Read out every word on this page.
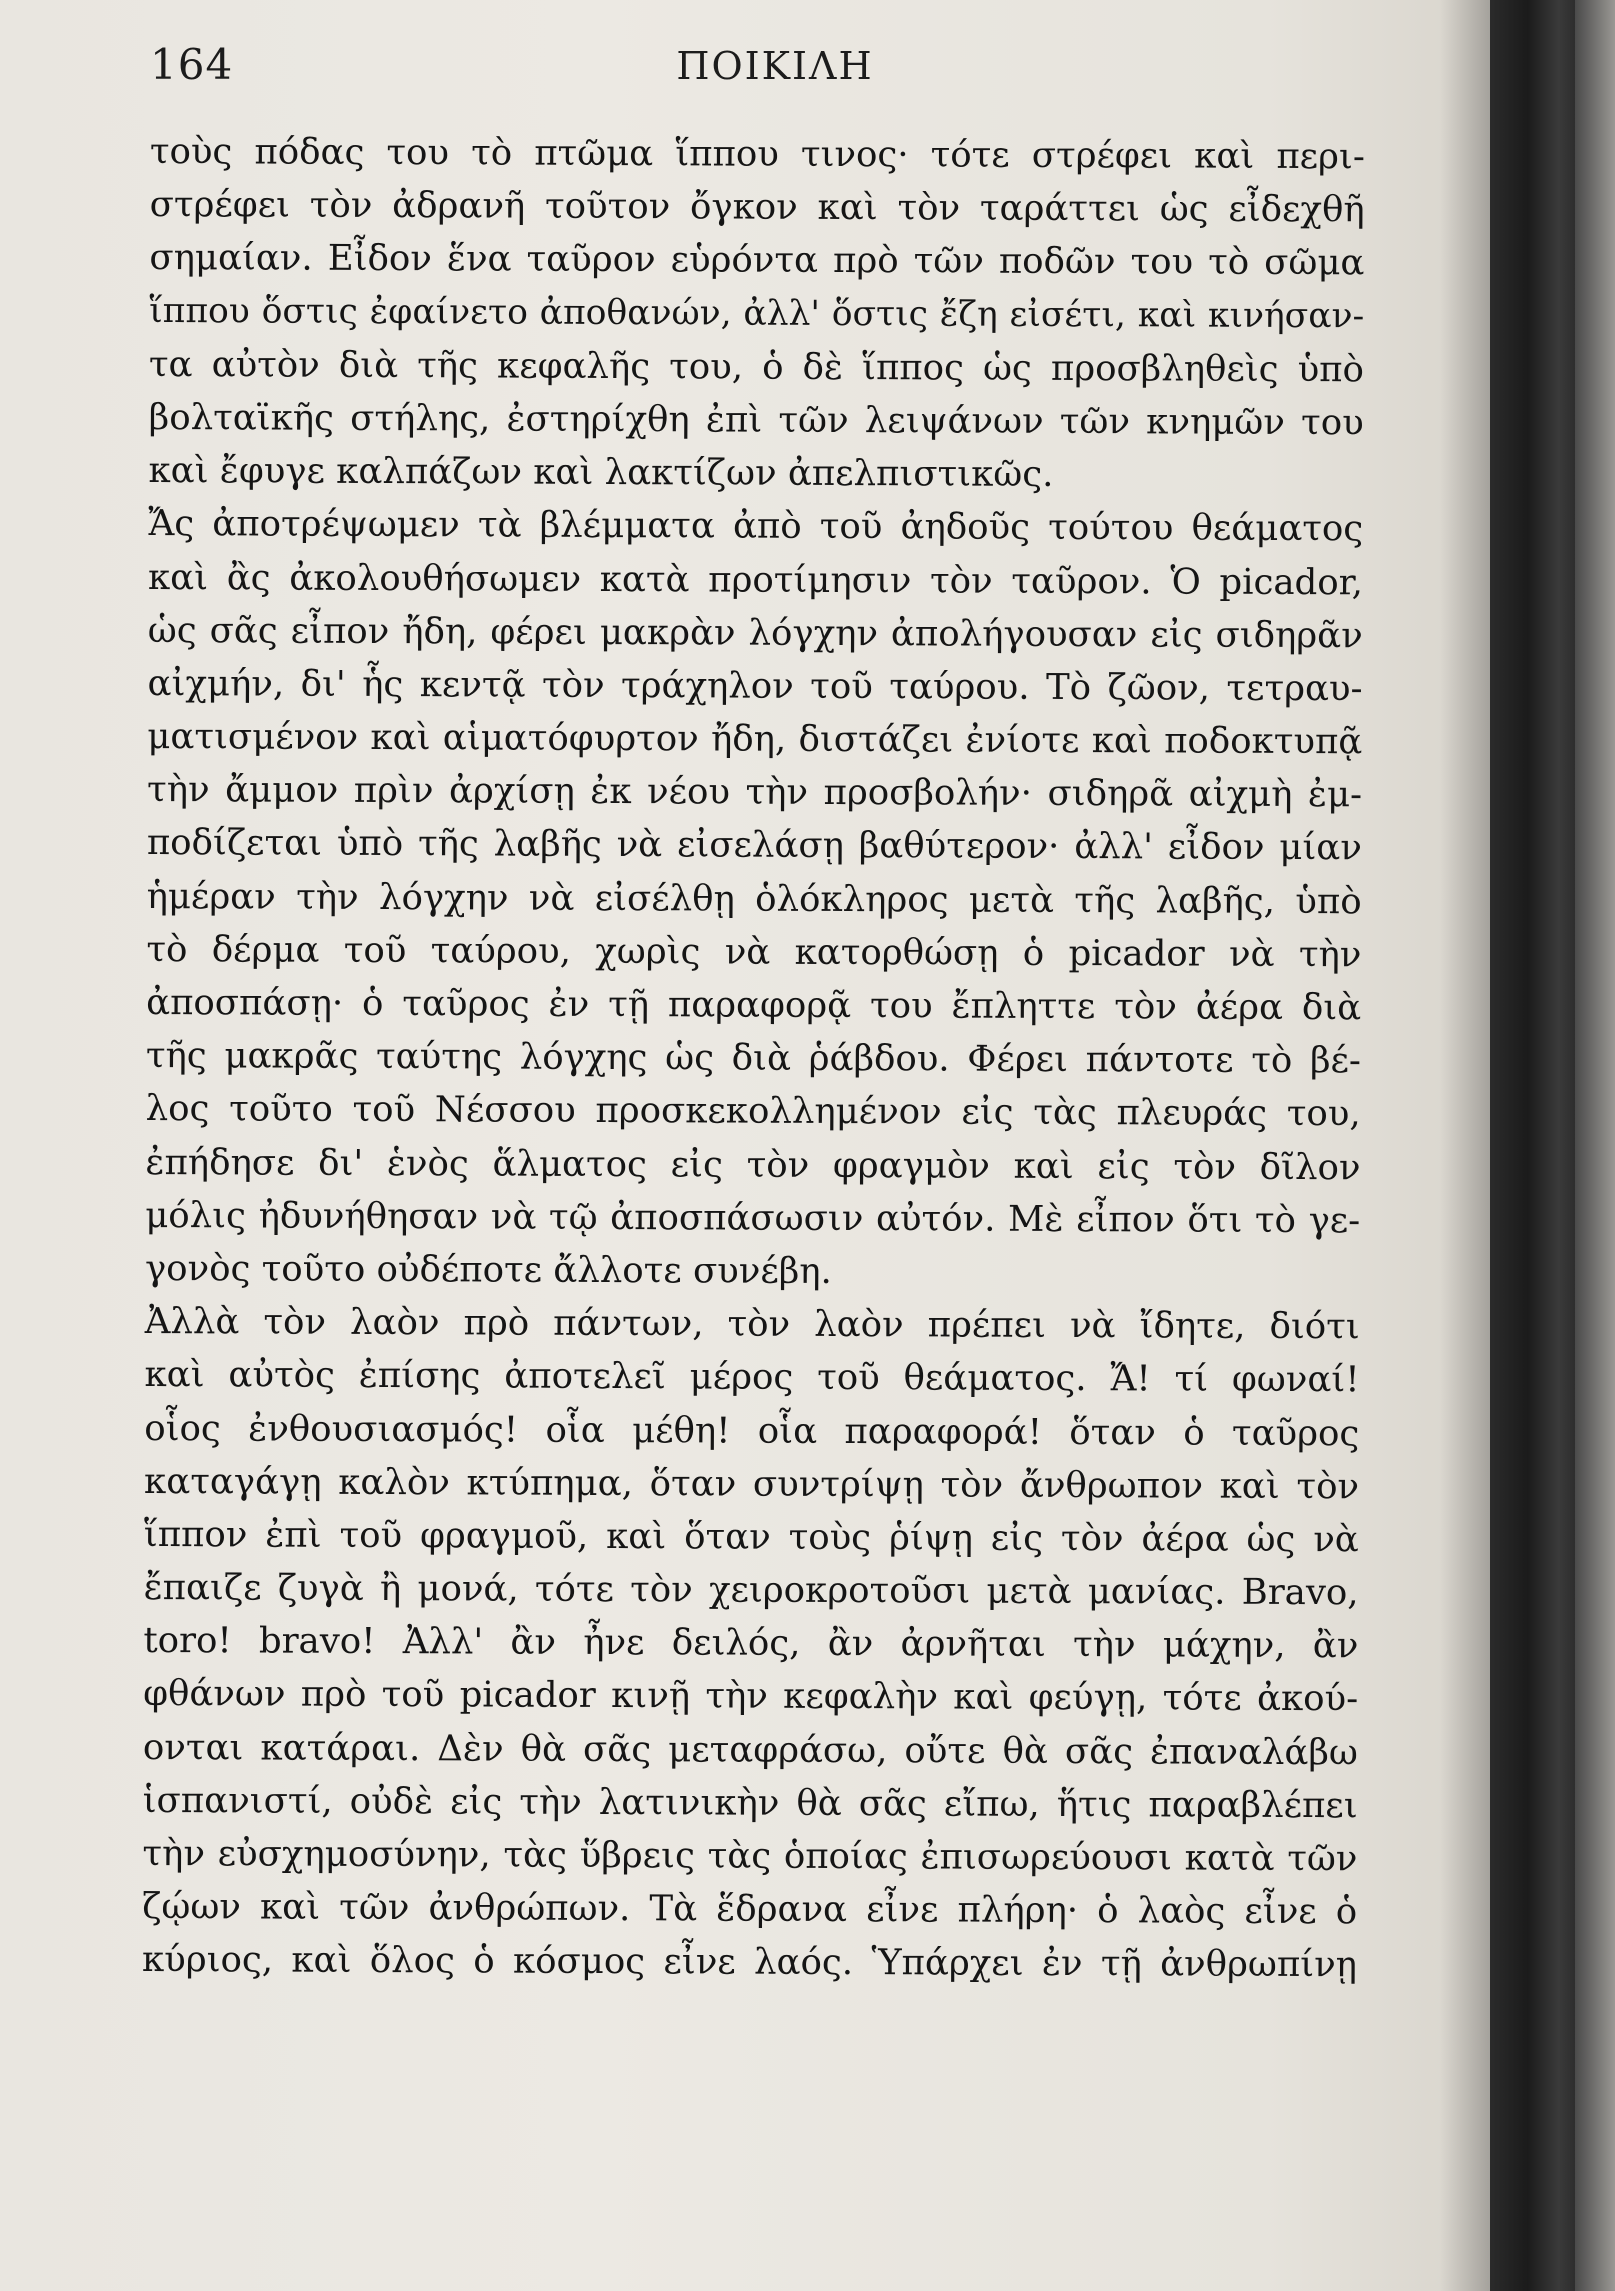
164	ΠΟΙΚΙΛΗ
τοὺς πόδας του τὸ πτῶμα ἵππου τινος· τότε στρέφει καὶ περι-
στρέφει τὸν ἀδρανῆ τοῦτον ὄγκον καὶ τὸν ταράττει ὡς εἶδεχθῆ
σημαίαν. Εἶδον ἕνα ταῦρον εὑρόντα πρὸ τῶν ποδῶν του τὸ σῶμα
ἵππου ὅστις ἐφαίνετο ἀποθανών, ἀλλ' ὅστις ἔζη εἰσέτι, καὶ κινήσαν-
τα αὐτὸν διὰ τῆς κεφαλῆς του, ὁ δὲ ἵππος ὡς προσβληθεὶς ὑπὸ
βολταϊκῆς στήλης, ἐστηρίχθη ἐπὶ τῶν λειψάνων τῶν κνημῶν του
καὶ ἔφυγε καλπάζων καὶ λακτίζων ἀπελπιστικῶς.
Ἄς ἀποτρέψωμεν τὰ βλέμματα ἀπὸ τοῦ ἀηδοῦς τούτου θεάματος
καὶ ἂς ἀκολουθήσωμεν κατὰ προτίμησιν τὸν ταῦρον. Ὁ picador,
ὡς σᾶς εἶπον ἤδη, φέρει μακρὰν λόγχην ἀπολήγουσαν εἰς σιδηρᾶν
αἰχμήν, δι' ἧς κεντᾷ τὸν τράχηλον τοῦ ταύρου. Τὸ ζῶον, τετραυ-
ματισμένον καὶ αἱματόφυρτον ἤδη, διστάζει ἐνίοτε καὶ ποδοκτυπᾷ
τὴν ἄμμον πρὶν ἀρχίσῃ ἐκ νέου τὴν προσβολήν· σιδηρᾶ αἰχμὴ ἐμ-
ποδίζεται ὑπὸ τῆς λαβῆς νὰ εἰσελάσῃ βαθύτερον· ἀλλ' εἶδον μίαν
ἡμέραν τὴν λόγχην νὰ εἰσέλθῃ ὁλόκληρος μετὰ τῆς λαβῆς, ὑπὸ
τὸ δέρμα τοῦ ταύρου, χωρὶς νὰ κατορθώσῃ ὁ picador νὰ τὴν
ἀποσπάσῃ· ὁ ταῦρος ἐν τῇ παραφορᾷ του ἔπληττε τὸν ἀέρα διὰ
τῆς μακρᾶς ταύτης λόγχης ὡς διὰ ῥάβδου. Φέρει πάντοτε τὸ βέ-
λος τοῦτο τοῦ Νέσσου προσκεκολλημένον εἰς τὰς πλευράς του,
ἐπήδησε δι' ἑνὸς ἅλματος εἰς τὸν φραγμὸν καὶ εἰς τὸν δῖλον
μόλις ἠδυνήθησαν νὰ τῷ ἀποσπάσωσιν αὐτόν. Μὲ εἶπον ὅτι τὸ γε-
γονὸς τοῦτο οὐδέποτε ἄλλοτε συνέβη.
Ἀλλὰ τὸν λαὸν πρὸ πάντων, τὸν λαὸν πρέπει νὰ ἴδητε, διότι
καὶ αὐτὸς ἐπίσης ἀποτελεῖ μέρος τοῦ θεάματος. Ἄ! τί φωναί!
οἷος ἐνθουσιασμός! οἷα μέθη! οἷα παραφορά! ὅταν ὁ ταῦρος
καταγάγῃ καλὸν κτύπημα, ὅταν συντρίψῃ τὸν ἄνθρωπον καὶ τὸν
ἵππον ἐπὶ τοῦ φραγμοῦ, καὶ ὅταν τοὺς ῥίψῃ εἰς τὸν ἀέρα ὡς νὰ
ἔπαιζε ζυγὰ ἢ μονά, τότε τὸν χειροκροτοῦσι μετὰ μανίας. Bravo,
toro! bravo! Ἀλλ' ἂν ἦνε δειλός, ἂν ἀρνῆται τὴν μάχην, ἂν
φθάνων πρὸ τοῦ picador κινῇ τὴν κεφαλὴν καὶ φεύγῃ, τότε ἀκού-
ονται κατάραι. Δὲν θὰ σᾶς μεταφράσω, οὔτε θὰ σᾶς ἐπαναλάβω
ἱσπανιστί, οὐδὲ εἰς τὴν λατινικὴν θὰ σᾶς εἴπω, ἥτις παραβλέπει
τὴν εὐσχημοσύνην, τὰς ὕβρεις τὰς ὁποίας ἐπισωρεύουσι κατὰ τῶν
ζῴων καὶ τῶν ἀνθρώπων. Τὰ ἕδρανα εἶνε πλήρη· ὁ λαὸς εἶνε ὁ
κύριος, καὶ ὅλος ὁ κόσμος εἶνε λαός. Ὑπάρχει ἐν τῇ ἀνθρωπίνῃ
